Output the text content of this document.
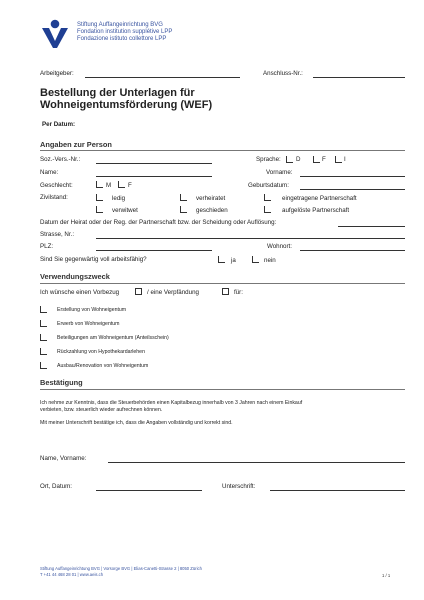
Stiftung Auffangeinrichtung BVG
Fondation institution supplétive LPP
Fondazione istituto collettore LPP
Arbeitgeber:	Anschluss-Nr.:
Bestellung der Unterlagen für
Wohneigentumsförderung (WEF)
Per Datum:
Angaben zur Person
Soz.-Vers.-Nr.:	Sprache: D	F	I
Name:	Vorname:
Geschlecht:	M	F	Geburtsdatum:
Zivilstand:	ledig	verheiratet	eingetragene Partnerschaft
verwitwet	geschieden	aufgelöste Partnerschaft
Datum der Heirat oder der Reg. der Partnerschaft bzw. der Scheidung oder Auflösung:
Strasse, Nr.:
PLZ:	Wohnort:
Sind Sie gegenwärtig voll arbeitsfähig?	ja	nein
Verwendungszweck
Ich wünsche einen Vorbezug	/ eine Verpfändung	für:
Erstellung von Wohneigentum
Erwerb von Wohneigentum
Beteiligungen am Wohneigentum (Anteilsschein)
Rückzahlung von Hypothekardarlehen
Ausbau/Renovation von Wohneigentum
Bestätigung
Ich nehme zur Kenntnis, dass die Steuerbehörden einen Kapitalbezug innerhalb von 3 Jahren nach einem Einkauf
verbieten, bzw. steuerlich wieder aufrechnen können.
Mit meiner Unterschrift bestätige ich, dass die Angaben vollständig und korrekt sind.
Name, Vorname:
Ort, Datum:	Unterschrift:
Stiftung Auffangeinrichtung BVG | Vorsorge BVG | Elias-Canetti-Strasse 2 | 8050 Zürich
T +41 44 468 28 01 | www.aeis.ch	1 / 1
